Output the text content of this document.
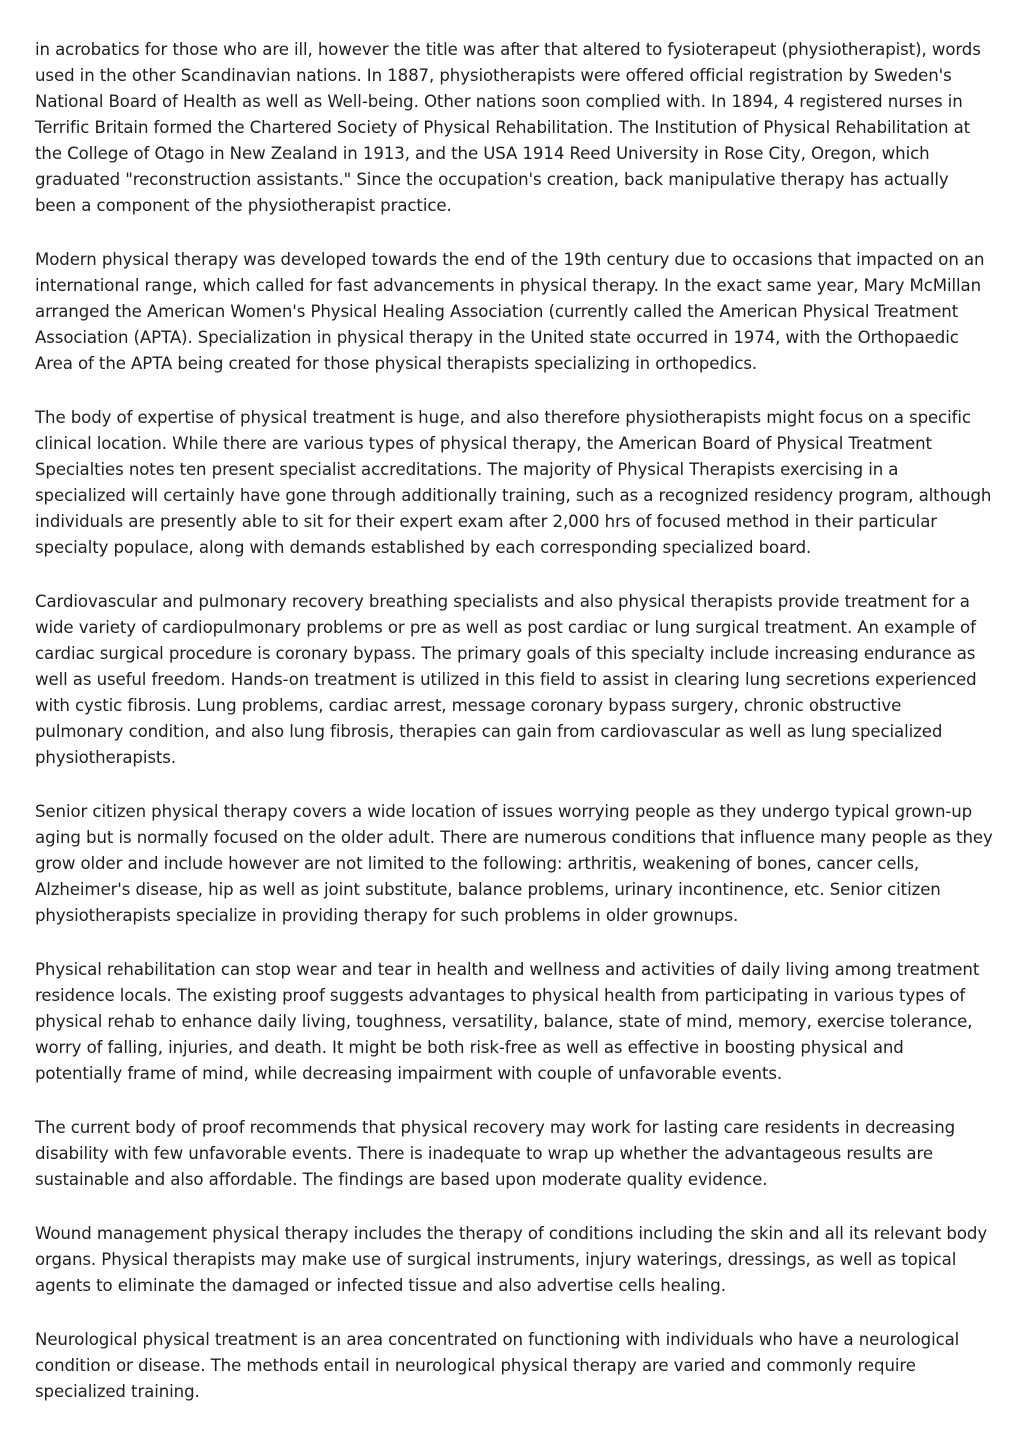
in acrobatics for those who are ill, however the title was after that altered to fysioterapeut (physiotherapist), words used in the other Scandinavian nations. In 1887, physiotherapists were offered official registration by Sweden's National Board of Health as well as Well-being. Other nations soon complied with. In 1894, 4 registered nurses in Terrific Britain formed the Chartered Society of Physical Rehabilitation. The Institution of Physical Rehabilitation at the College of Otago in New Zealand in 1913, and the USA 1914 Reed University in Rose City, Oregon, which graduated "reconstruction assistants." Since the occupation's creation, back manipulative therapy has actually been a component of the physiotherapist practice.

Modern physical therapy was developed towards the end of the 19th century due to occasions that impacted on an international range, which called for fast advancements in physical therapy. In the exact same year, Mary McMillan arranged the American Women's Physical Healing Association (currently called the American Physical Treatment Association (APTA). Specialization in physical therapy in the United state occurred in 1974, with the Orthopaedic Area of the APTA being created for those physical therapists specializing in orthopedics.

The body of expertise of physical treatment is huge, and also therefore physiotherapists might focus on a specific clinical location. While there are various types of physical therapy, the American Board of Physical Treatment Specialties notes ten present specialist accreditations. The majority of Physical Therapists exercising in a specialized will certainly have gone through additionally training, such as a recognized residency program, although individuals are presently able to sit for their expert exam after 2,000 hrs of focused method in their particular specialty populace, along with demands established by each corresponding specialized board.

Cardiovascular and pulmonary recovery breathing specialists and also physical therapists provide treatment for a wide variety of cardiopulmonary problems or pre as well as post cardiac or lung surgical treatment. An example of cardiac surgical procedure is coronary bypass. The primary goals of this specialty include increasing endurance as well as useful freedom. Hands-on treatment is utilized in this field to assist in clearing lung secretions experienced with cystic fibrosis. Lung problems, cardiac arrest, message coronary bypass surgery, chronic obstructive pulmonary condition, and also lung fibrosis, therapies can gain from cardiovascular as well as lung specialized physiotherapists.

Senior citizen physical therapy covers a wide location of issues worrying people as they undergo typical grown-up aging but is normally focused on the older adult. There are numerous conditions that influence many people as they grow older and include however are not limited to the following: arthritis, weakening of bones, cancer cells, Alzheimer's disease, hip as well as joint substitute, balance problems, urinary incontinence, etc. Senior citizen physiotherapists specialize in providing therapy for such problems in older grownups.

Physical rehabilitation can stop wear and tear in health and wellness and activities of daily living among treatment residence locals. The existing proof suggests advantages to physical health from participating in various types of physical rehab to enhance daily living, toughness, versatility, balance, state of mind, memory, exercise tolerance, worry of falling, injuries, and death. It might be both risk-free as well as effective in boosting physical and potentially frame of mind, while decreasing impairment with couple of unfavorable events.

The current body of proof recommends that physical recovery may work for lasting care residents in decreasing disability with few unfavorable events. There is inadequate to wrap up whether the advantageous results are sustainable and also affordable. The findings are based upon moderate quality evidence.

Wound management physical therapy includes the therapy of conditions including the skin and all its relevant body organs. Physical therapists may make use of surgical instruments, injury waterings, dressings, as well as topical agents to eliminate the damaged or infected tissue and also advertise cells healing.

Neurological physical treatment is an area concentrated on functioning with individuals who have a neurological condition or disease. The methods entail in neurological physical therapy are varied and commonly require specialized training.
